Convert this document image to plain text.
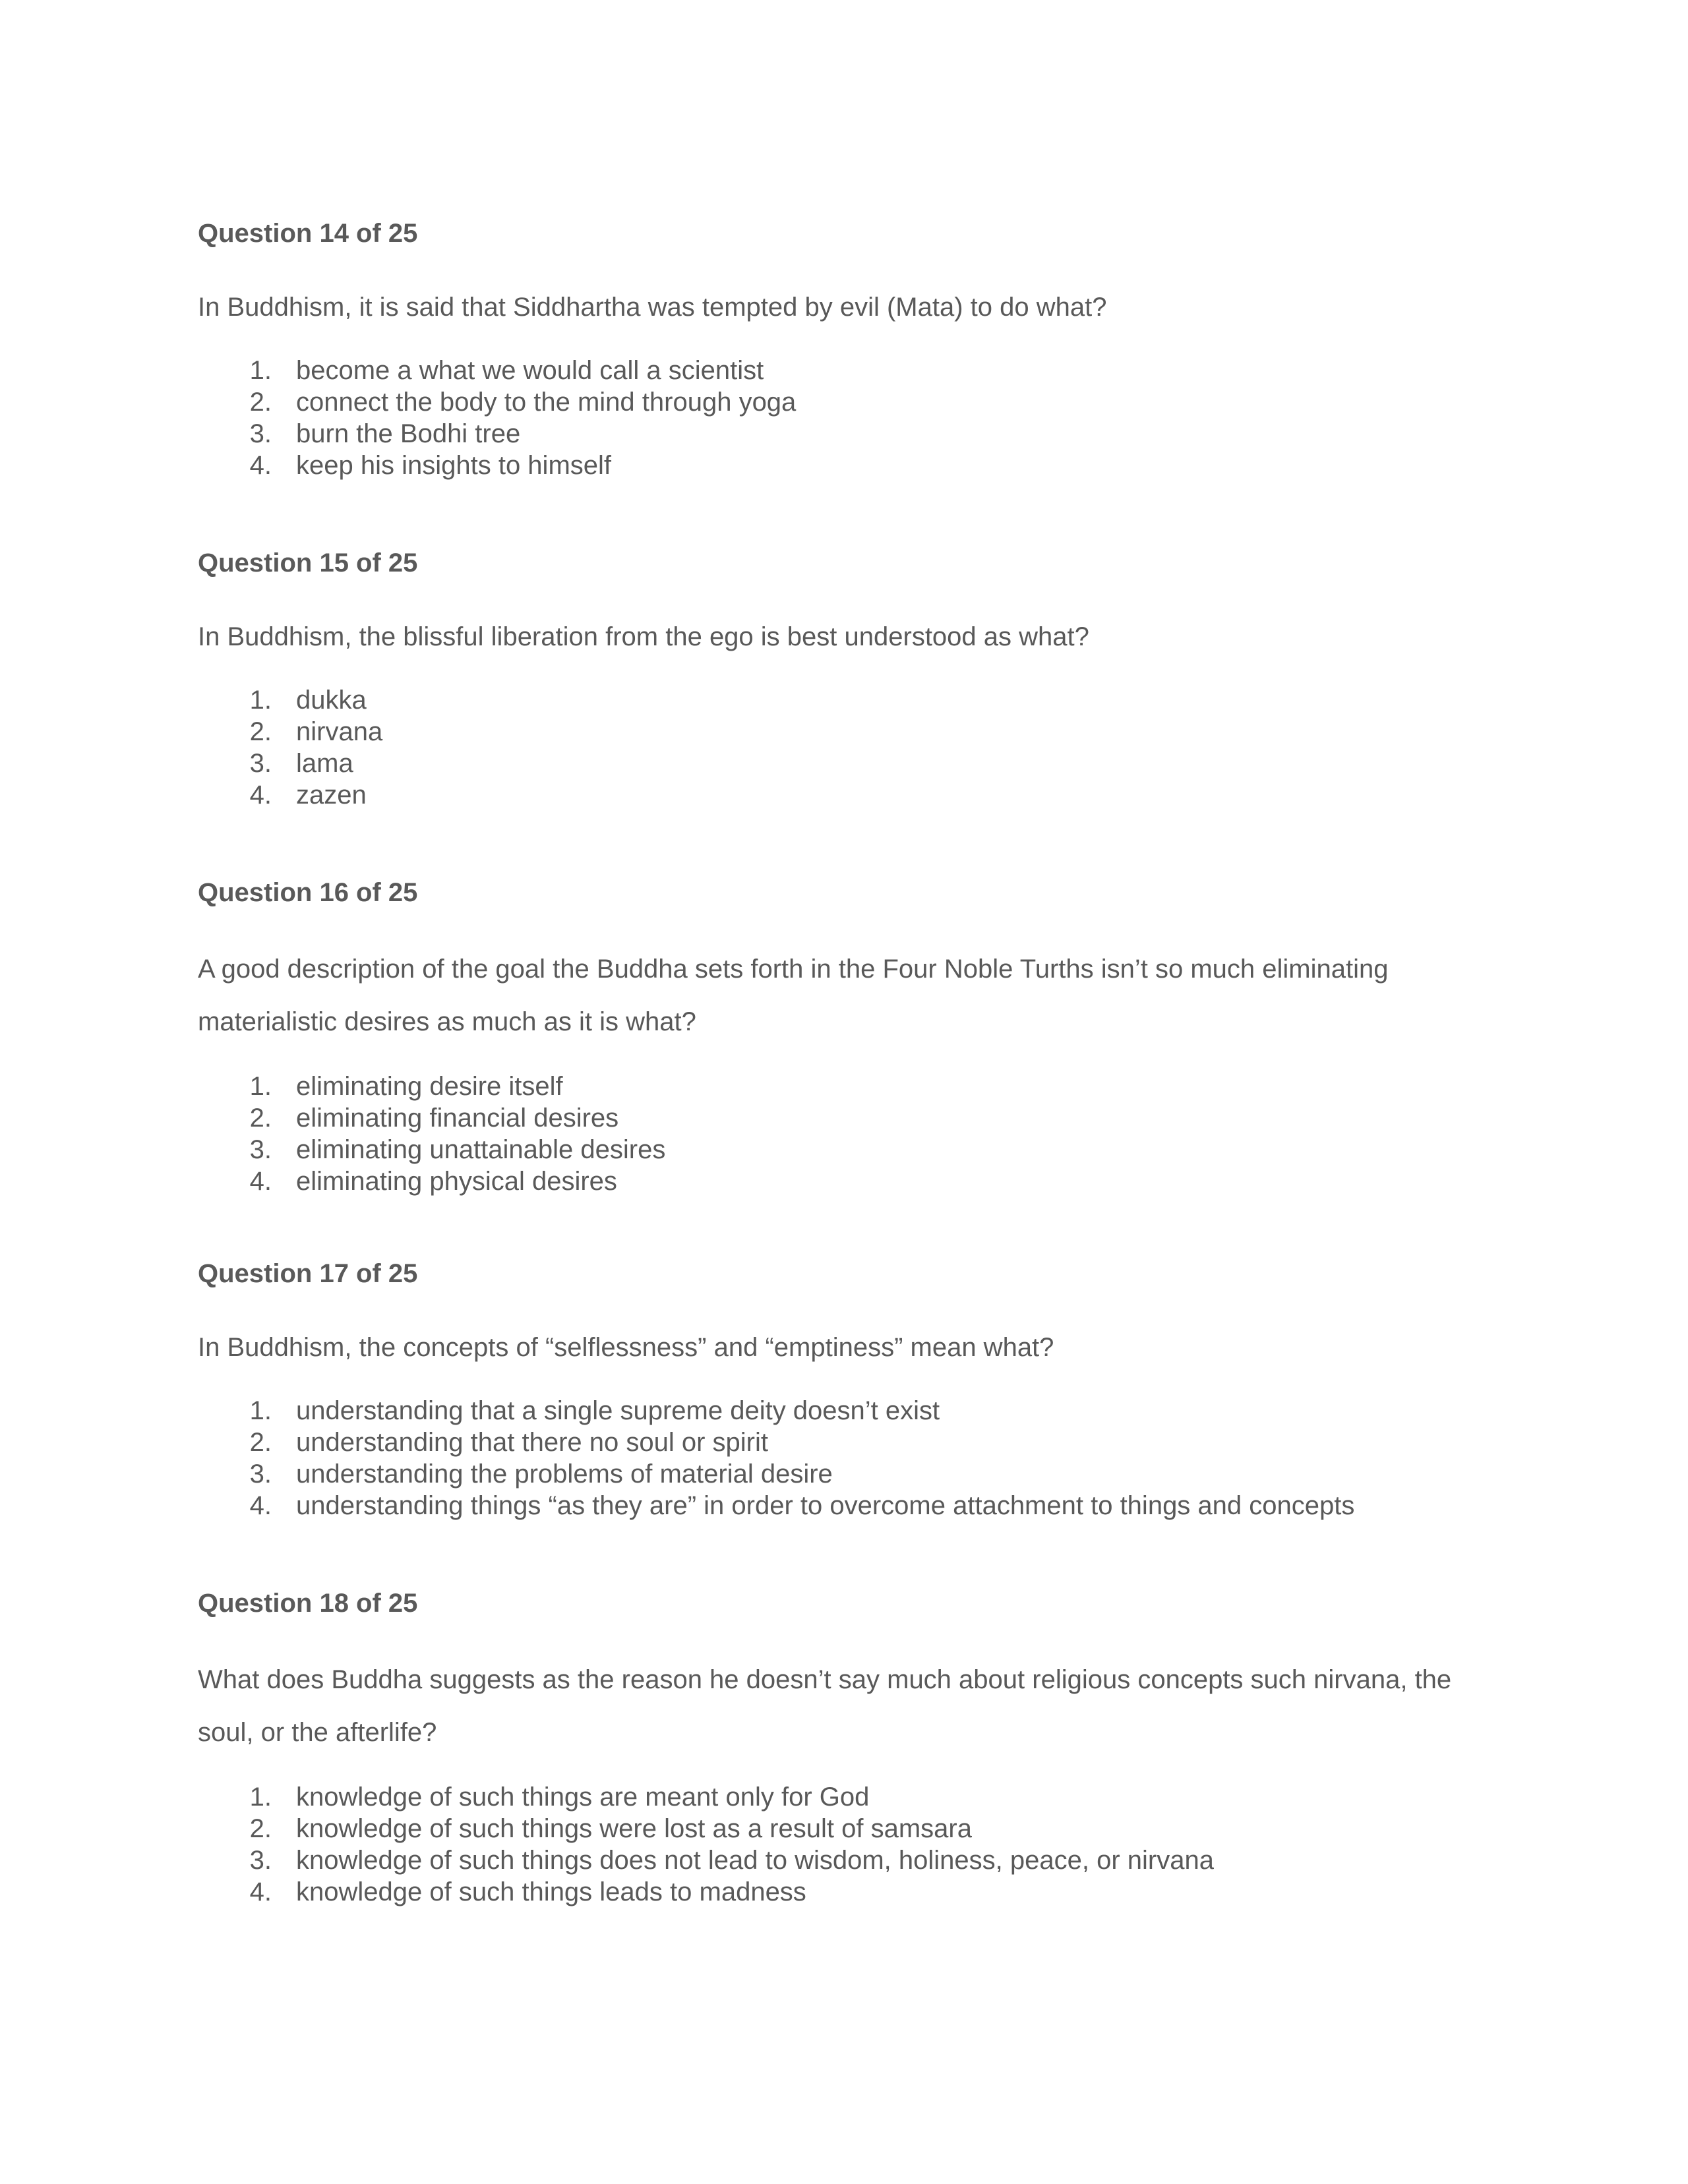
Question 14 of 25

In Buddhism, it is said that Siddhartha was tempted by evil (Mata) to do what?

1. become a what we would call a scientist
2. connect the body to the mind through yoga
3. burn the Bodhi tree
4. keep his insights to himself

Question 15 of 25

In Buddhism, the blissful liberation from the ego is best understood as what?

1. dukka
2. nirvana
3. lama
4. zazen

Question 16 of 25

A good description of the goal the Buddha sets forth in the Four Noble Turths isn’t so much eliminating materialistic desires as much as it is what?

1. eliminating desire itself
2. eliminating financial desires
3. eliminating unattainable desires
4. eliminating physical desires

Question 17 of 25

In Buddhism, the concepts of “selflessness” and “emptiness” mean what?

1. understanding that a single supreme deity doesn’t exist
2. understanding that there no soul or spirit
3. understanding the problems of material desire
4. understanding things “as they are” in order to overcome attachment to things and concepts

Question 18 of 25

What does Buddha suggests as the reason he doesn’t say much about religious concepts such nirvana, the soul, or the afterlife?

1. knowledge of such things are meant only for God
2. knowledge of such things were lost as a result of samsara
3. knowledge of such things does not lead to wisdom, holiness, peace, or nirvana
4. knowledge of such things leads to madness
